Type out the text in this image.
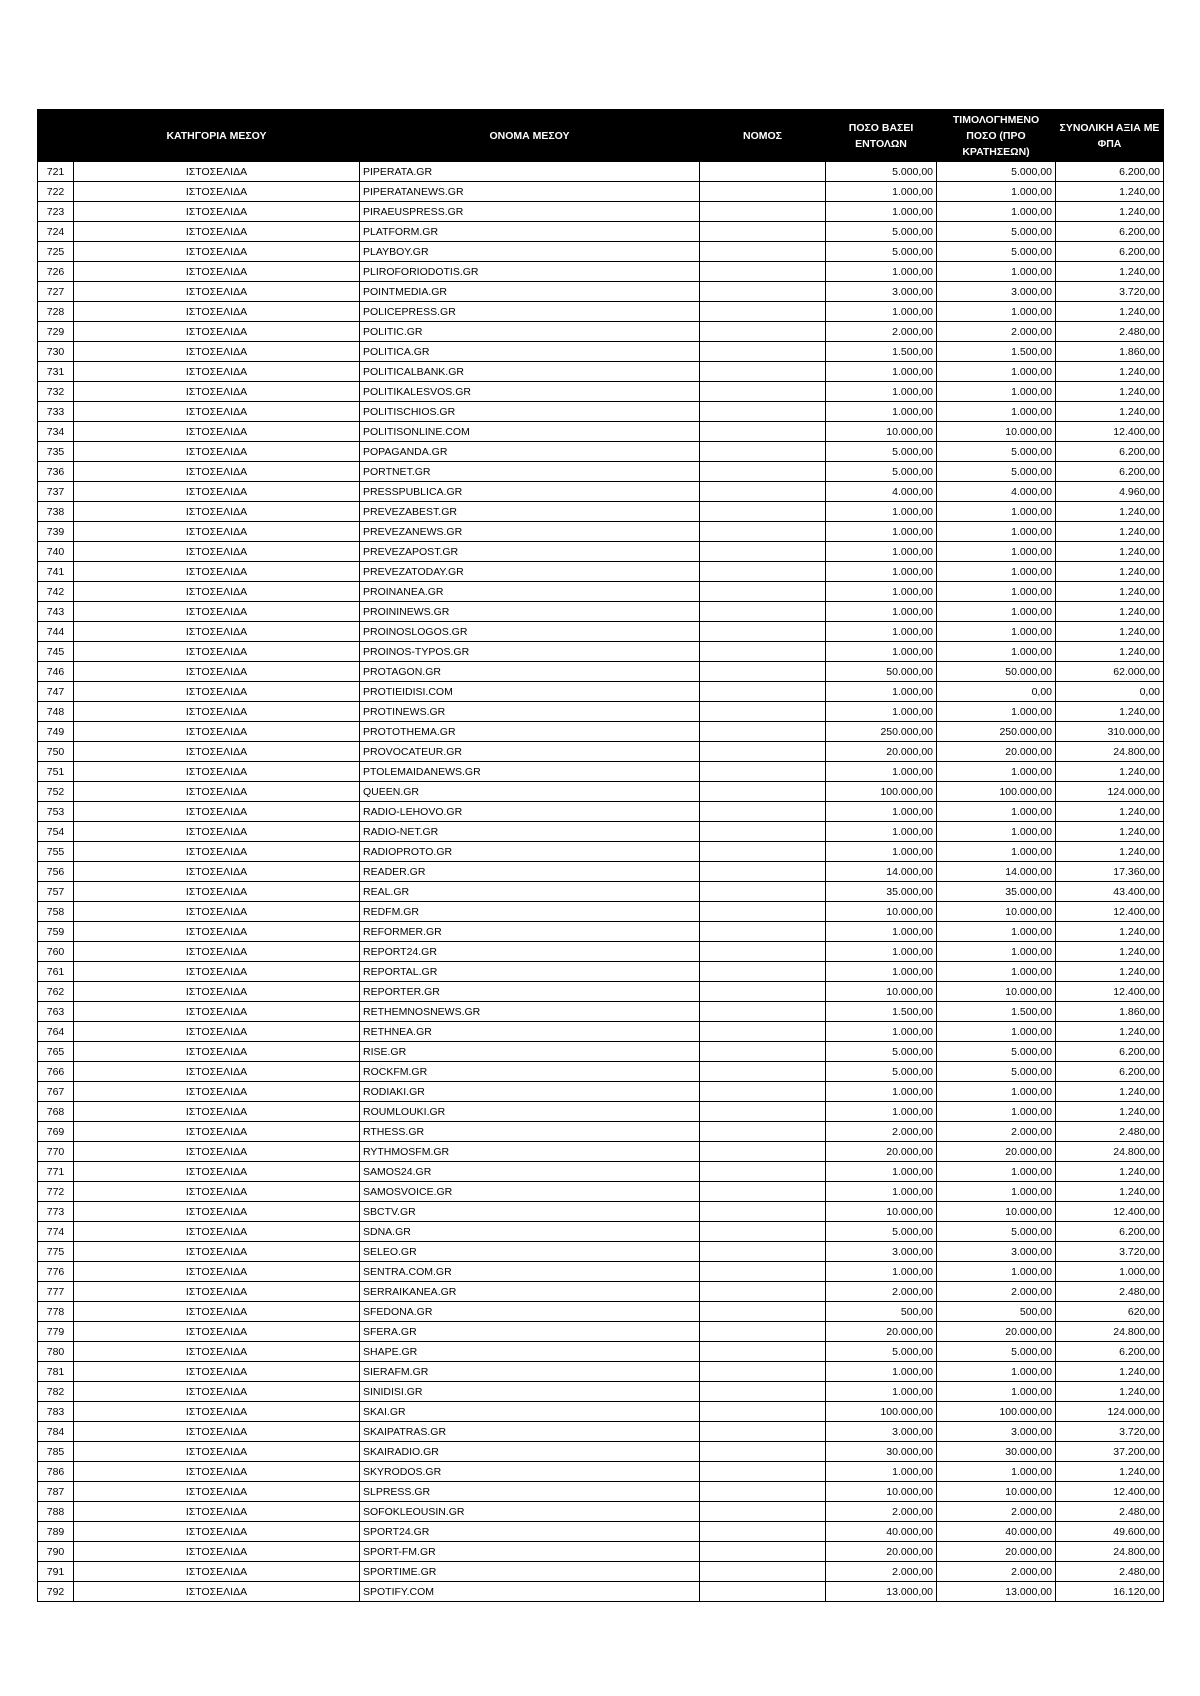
	ΚΑΤΗΓΟΡΙΑ ΜΕΣΟΥ	ΟΝΟΜΑ ΜΕΣΟΥ	ΝΟΜΟΣ	ΠΟΣΟ ΒΑΣΕΙ ΕΝΤΟΛΩΝ	ΤΙΜΟΛΟΓΗΜΕΝΟ ΠΟΣΟ (ΠΡΟ ΚΡΑΤΗΣΕΩΝ)	ΣΥΝΟΛΙΚΗ ΑΞΙΑ ΜΕ ΦΠΑ
721	ΙΣΤΟΣΕΛΙΔΑ	PIPERATA.GR		5.000,00	5.000,00	6.200,00
722	ΙΣΤΟΣΕΛΙΔΑ	PIPERATANEWS.GR		1.000,00	1.000,00	1.240,00
723	ΙΣΤΟΣΕΛΙΔΑ	PIRAEUSPRESS.GR		1.000,00	1.000,00	1.240,00
724	ΙΣΤΟΣΕΛΙΔΑ	PLATFORM.GR		5.000,00	5.000,00	6.200,00
725	ΙΣΤΟΣΕΛΙΔΑ	PLAYBOY.GR		5.000,00	5.000,00	6.200,00
726	ΙΣΤΟΣΕΛΙΔΑ	PLIROFORIODOTIS.GR		1.000,00	1.000,00	1.240,00
727	ΙΣΤΟΣΕΛΙΔΑ	POINTMEDIA.GR		3.000,00	3.000,00	3.720,00
728	ΙΣΤΟΣΕΛΙΔΑ	POLICEPRESS.GR		1.000,00	1.000,00	1.240,00
729	ΙΣΤΟΣΕΛΙΔΑ	POLITIC.GR		2.000,00	2.000,00	2.480,00
730	ΙΣΤΟΣΕΛΙΔΑ	POLITICA.GR		1.500,00	1.500,00	1.860,00
731	ΙΣΤΟΣΕΛΙΔΑ	POLITICALBANK.GR		1.000,00	1.000,00	1.240,00
732	ΙΣΤΟΣΕΛΙΔΑ	POLITIKALESVOS.GR		1.000,00	1.000,00	1.240,00
733	ΙΣΤΟΣΕΛΙΔΑ	POLITISCHIOS.GR		1.000,00	1.000,00	1.240,00
734	ΙΣΤΟΣΕΛΙΔΑ	POLITISONLINE.COM		10.000,00	10.000,00	12.400,00
735	ΙΣΤΟΣΕΛΙΔΑ	POPAGANDA.GR		5.000,00	5.000,00	6.200,00
736	ΙΣΤΟΣΕΛΙΔΑ	PORTNET.GR		5.000,00	5.000,00	6.200,00
737	ΙΣΤΟΣΕΛΙΔΑ	PRESSPUBLICA.GR		4.000,00	4.000,00	4.960,00
738	ΙΣΤΟΣΕΛΙΔΑ	PREVEZABEST.GR		1.000,00	1.000,00	1.240,00
739	ΙΣΤΟΣΕΛΙΔΑ	PREVEZANEWS.GR		1.000,00	1.000,00	1.240,00
740	ΙΣΤΟΣΕΛΙΔΑ	PREVEZAPOST.GR		1.000,00	1.000,00	1.240,00
741	ΙΣΤΟΣΕΛΙΔΑ	PREVEZATODAY.GR		1.000,00	1.000,00	1.240,00
742	ΙΣΤΟΣΕΛΙΔΑ	PROINANEA.GR		1.000,00	1.000,00	1.240,00
743	ΙΣΤΟΣΕΛΙΔΑ	PROININEWS.GR		1.000,00	1.000,00	1.240,00
744	ΙΣΤΟΣΕΛΙΔΑ	PROINOSLOGOS.GR		1.000,00	1.000,00	1.240,00
745	ΙΣΤΟΣΕΛΙΔΑ	PROINOS-TYPOS.GR		1.000,00	1.000,00	1.240,00
746	ΙΣΤΟΣΕΛΙΔΑ	PROTAGON.GR		50.000,00	50.000,00	62.000,00
747	ΙΣΤΟΣΕΛΙΔΑ	PROTIEIDISI.COM		1.000,00	0,00	0,00
748	ΙΣΤΟΣΕΛΙΔΑ	PROTINEWS.GR		1.000,00	1.000,00	1.240,00
749	ΙΣΤΟΣΕΛΙΔΑ	PROTOTHEMA.GR		250.000,00	250.000,00	310.000,00
750	ΙΣΤΟΣΕΛΙΔΑ	PROVOCATEUR.GR		20.000,00	20.000,00	24.800,00
751	ΙΣΤΟΣΕΛΙΔΑ	PTOLEMAIDANEWS.GR		1.000,00	1.000,00	1.240,00
752	ΙΣΤΟΣΕΛΙΔΑ	QUEEN.GR		100.000,00	100.000,00	124.000,00
753	ΙΣΤΟΣΕΛΙΔΑ	RADIO-LEHOVO.GR		1.000,00	1.000,00	1.240,00
754	ΙΣΤΟΣΕΛΙΔΑ	RADIO-NET.GR		1.000,00	1.000,00	1.240,00
755	ΙΣΤΟΣΕΛΙΔΑ	RADIOPROTO.GR		1.000,00	1.000,00	1.240,00
756	ΙΣΤΟΣΕΛΙΔΑ	READER.GR		14.000,00	14.000,00	17.360,00
757	ΙΣΤΟΣΕΛΙΔΑ	REAL.GR		35.000,00	35.000,00	43.400,00
758	ΙΣΤΟΣΕΛΙΔΑ	REDFM.GR		10.000,00	10.000,00	12.400,00
759	ΙΣΤΟΣΕΛΙΔΑ	REFORMER.GR		1.000,00	1.000,00	1.240,00
760	ΙΣΤΟΣΕΛΙΔΑ	REPORT24.GR		1.000,00	1.000,00	1.240,00
761	ΙΣΤΟΣΕΛΙΔΑ	REPORTAL.GR		1.000,00	1.000,00	1.240,00
762	ΙΣΤΟΣΕΛΙΔΑ	REPORTER.GR		10.000,00	10.000,00	12.400,00
763	ΙΣΤΟΣΕΛΙΔΑ	RETHEMNOSNEWS.GR		1.500,00	1.500,00	1.860,00
764	ΙΣΤΟΣΕΛΙΔΑ	RETHNEA.GR		1.000,00	1.000,00	1.240,00
765	ΙΣΤΟΣΕΛΙΔΑ	RISE.GR		5.000,00	5.000,00	6.200,00
766	ΙΣΤΟΣΕΛΙΔΑ	ROCKFM.GR		5.000,00	5.000,00	6.200,00
767	ΙΣΤΟΣΕΛΙΔΑ	RODIAKI.GR		1.000,00	1.000,00	1.240,00
768	ΙΣΤΟΣΕΛΙΔΑ	ROUMLOUKI.GR		1.000,00	1.000,00	1.240,00
769	ΙΣΤΟΣΕΛΙΔΑ	RTHESS.GR		2.000,00	2.000,00	2.480,00
770	ΙΣΤΟΣΕΛΙΔΑ	RYTHMOSFM.GR		20.000,00	20.000,00	24.800,00
771	ΙΣΤΟΣΕΛΙΔΑ	SAMOS24.GR		1.000,00	1.000,00	1.240,00
772	ΙΣΤΟΣΕΛΙΔΑ	SAMOSVOICE.GR		1.000,00	1.000,00	1.240,00
773	ΙΣΤΟΣΕΛΙΔΑ	SBCTV.GR		10.000,00	10.000,00	12.400,00
774	ΙΣΤΟΣΕΛΙΔΑ	SDNA.GR		5.000,00	5.000,00	6.200,00
775	ΙΣΤΟΣΕΛΙΔΑ	SELEO.GR		3.000,00	3.000,00	3.720,00
776	ΙΣΤΟΣΕΛΙΔΑ	SENTRA.COM.GR		1.000,00	1.000,00	1.000,00
777	ΙΣΤΟΣΕΛΙΔΑ	SERRAIKANEA.GR		2.000,00	2.000,00	2.480,00
778	ΙΣΤΟΣΕΛΙΔΑ	SFEDONA.GR		500,00	500,00	620,00
779	ΙΣΤΟΣΕΛΙΔΑ	SFERA.GR		20.000,00	20.000,00	24.800,00
780	ΙΣΤΟΣΕΛΙΔΑ	SHAPE.GR		5.000,00	5.000,00	6.200,00
781	ΙΣΤΟΣΕΛΙΔΑ	SIERAFM.GR		1.000,00	1.000,00	1.240,00
782	ΙΣΤΟΣΕΛΙΔΑ	SINIDISI.GR		1.000,00	1.000,00	1.240,00
783	ΙΣΤΟΣΕΛΙΔΑ	SKAI.GR		100.000,00	100.000,00	124.000,00
784	ΙΣΤΟΣΕΛΙΔΑ	SKAIPATRAS.GR		3.000,00	3.000,00	3.720,00
785	ΙΣΤΟΣΕΛΙΔΑ	SKAIRADIO.GR		30.000,00	30.000,00	37.200,00
786	ΙΣΤΟΣΕΛΙΔΑ	SKYRODOS.GR		1.000,00	1.000,00	1.240,00
787	ΙΣΤΟΣΕΛΙΔΑ	SLPRESS.GR		10.000,00	10.000,00	12.400,00
788	ΙΣΤΟΣΕΛΙΔΑ	SOFOKLEOUSIN.GR		2.000,00	2.000,00	2.480,00
789	ΙΣΤΟΣΕΛΙΔΑ	SPORT24.GR		40.000,00	40.000,00	49.600,00
790	ΙΣΤΟΣΕΛΙΔΑ	SPORT-FM.GR		20.000,00	20.000,00	24.800,00
791	ΙΣΤΟΣΕΛΙΔΑ	SPORTIME.GR		2.000,00	2.000,00	2.480,00
792	ΙΣΤΟΣΕΛΙΔΑ	SPOTIFY.COM		13.000,00	13.000,00	16.120,00
